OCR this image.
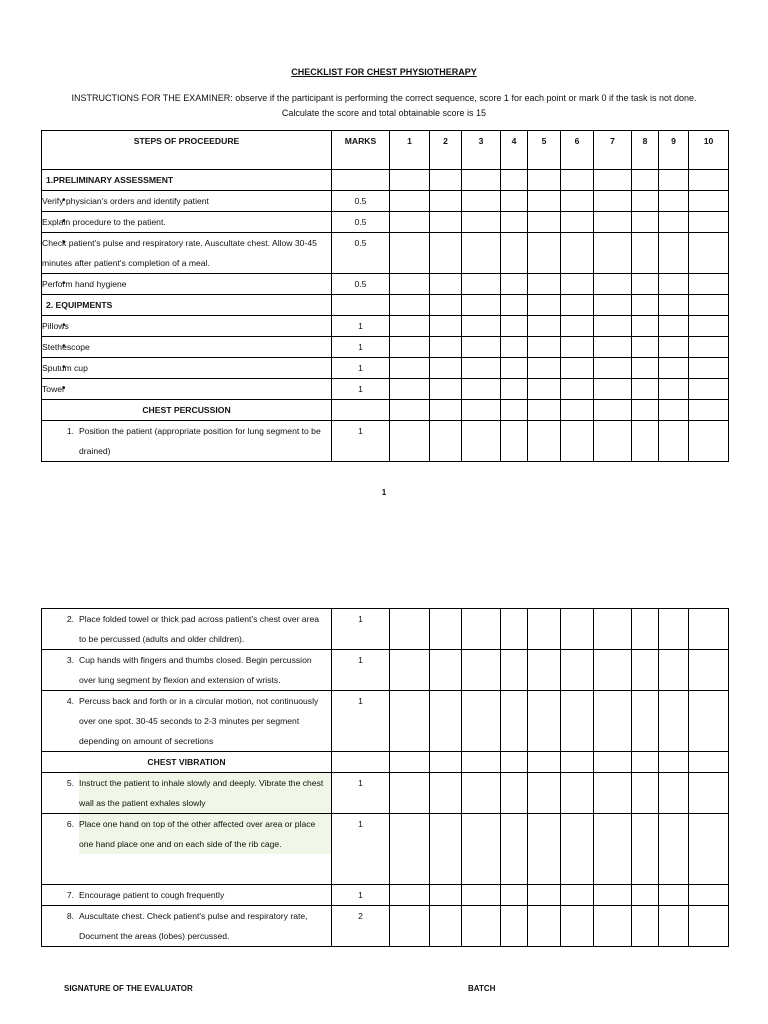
CHECKLIST FOR CHEST PHYSIOTHERAPY
INSTRUCTIONS FOR THE EXAMINER: observe if the participant is performing the correct sequence, score 1 for each point or mark 0 if the task is not done. Calculate the score and total obtainable score is 15
STEPS OF PROCEEDURE	MARKS	1	2	3	4	5	6	7	8	9	10
1.PRELIMINARY ASSESSMENT											
• Verify physician's orders and identify patient	0.5										
• Explain procedure to the patient.	0.5										
• Check patient's pulse and respiratory rate. Auscultate chest. Allow 30-45 minutes after patient's completion of a meal.	0.5										
• Perform hand hygiene	0.5										
2. EQUIPMENTS											
• Pillows	1										
• Stethescope	1										
• Sputum cup	1										
• Towel	1										
CHEST PERCUSSION											

1. Position the patient (appropriate position for lung segment to be drained)	1										
1
2. Place folded towel or thick pad across patient's chest over area to be percussed (adults and older children).	1										

3. Cup hands with fingers and thumbs closed. Begin percussion over lung segment by flexion and extension of wrists.	1										

4. Percuss back and forth or in a circular motion, not continuously over one spot. 30-45 seconds to 2-3 minutes per segment depending on amount of secretions	1										
CHEST VIBRATION											

5. Instruct the patient to inhale slowly and deeply. Vibrate the chest wall as the patient exhales slowly	1										

6. Place one hand on top of the other affected over area or place one hand place one and on each side of the rib cage.	1										

7. Encourage patient to cough frequently	1										

8. Auscultate chest. Check patient's pulse and respiratory rate, Document the areas (lobes) percussed.	2										
SIGNATURE OF THE EVALUATOR	BATCH
